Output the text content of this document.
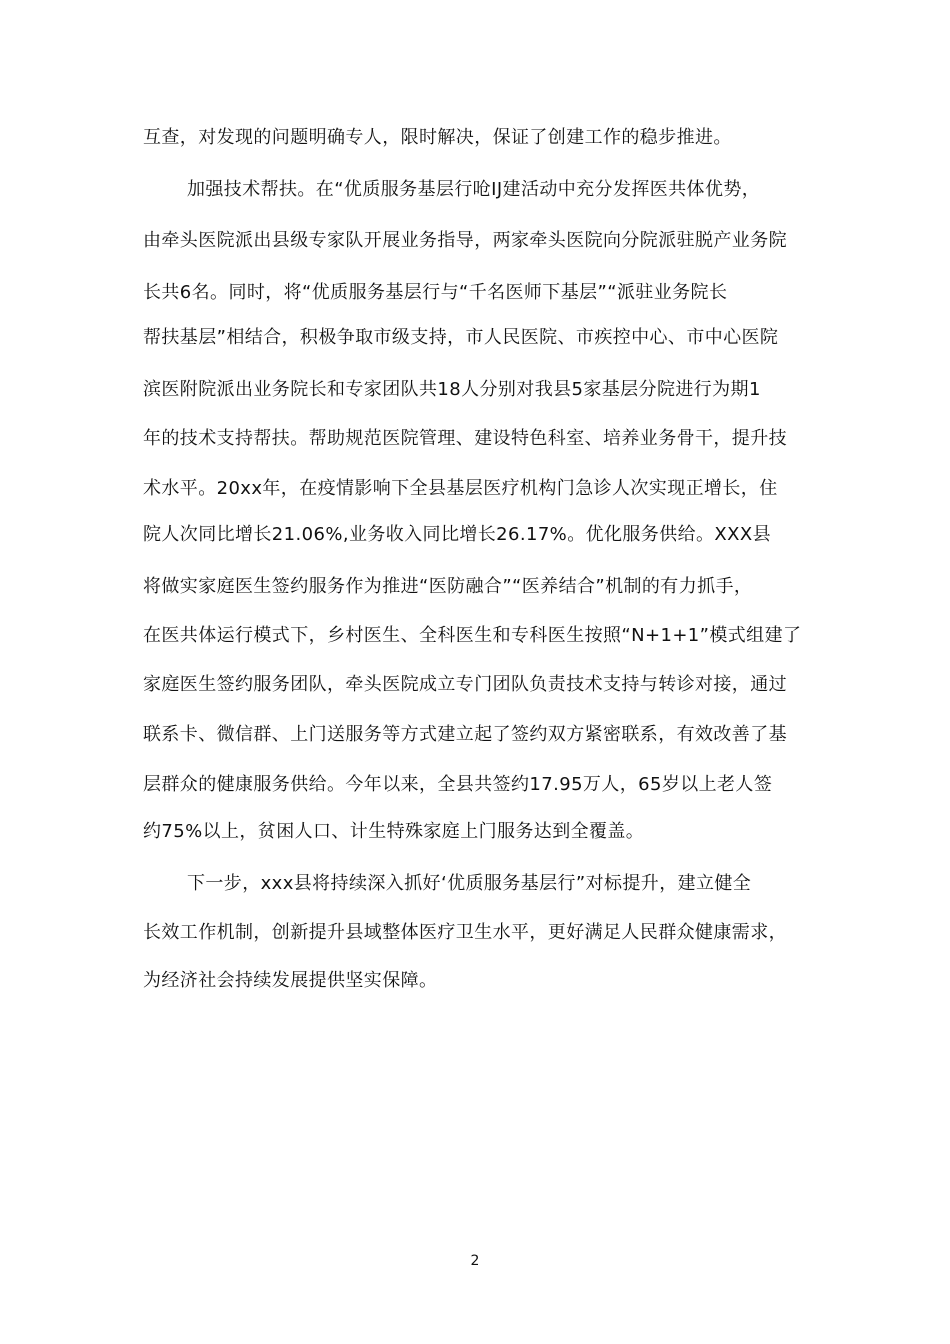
互查，对发现的问题明确专人，限时解决，保证了创建工作的稳步推进。
加强技术帮扶。在“优质服务基层行呛IJ建活动中充分发挥医共体优势，
由牵头医院派出县级专家队开展业务指导，两家牵头医院向分院派驻脱产业务院
长共6名。同时，将“优质服务基层行与“千名医师下基层”“派驻业务院长
帮扶基层”相结合，积极争取市级支持，市人民医院、市疾控中心、市中心医院
滨医附院派出业务院长和专家团队共18人分别对我县5家基层分院进行为期1
年的技术支持帮扶。帮助规范医院管理、建设特色科室、培养业务骨干，提升技
术水平。20xx年，在疫情影响下全县基层医疗机构门急诊人次实现正增长，住
院人次同比增长21.06%,业务收入同比增长26.17%。优化服务供给。XXX县
将做实家庭医生签约服务作为推进“医防融合”“医养结合”机制的有力抓手，
在医共体运行模式下，乡村医生、全科医生和专科医生按照“N+1+1”模式组建了
家庭医生签约服务团队，牵头医院成立专门团队负责技术支持与转诊对接，通过
联系卡、微信群、上门送服务等方式建立起了签约双方紧密联系，有效改善了基
层群众的健康服务供给。今年以来，全县共签约17.95万人，65岁以上老人签
约75%以上，贫困人口、计生特殊家庭上门服务达到全覆盖。
下一步，xxx县将持续深入抓好‘优质服务基层行”对标提升，建立健全
长效工作机制，创新提升县域整体医疗卫生水平，更好满足人民群众健康需求，
为经济社会持续发展提供坚实保障。
2
